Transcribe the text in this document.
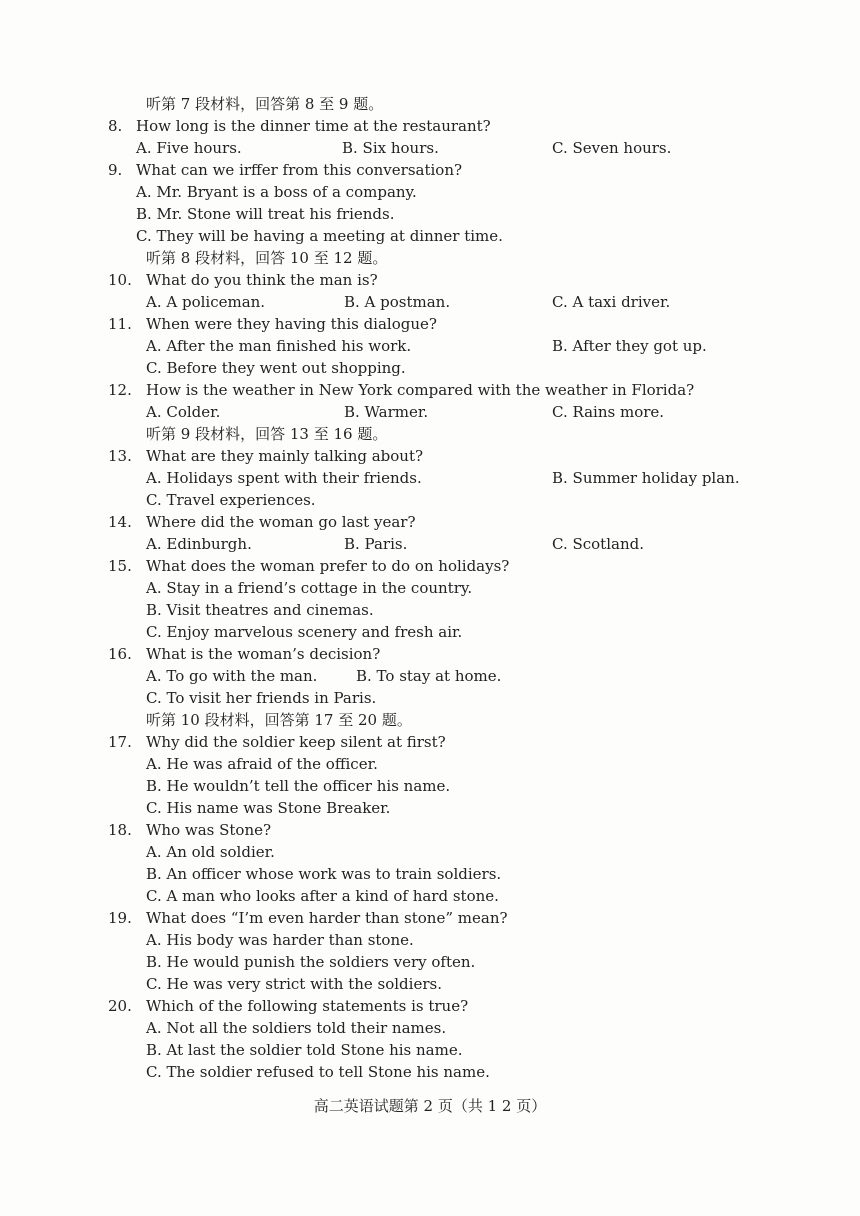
听第 7 段材料，回答第 8 至 9 题。
8. How long is the dinner time at the restaurant?
A. Five hours.	B. Six hours.	C. Seven hours.
9. What can we irffer from this conversation?
A. Mr. Bryant is a boss of a company.
B. Mr. Stone will treat his friends.
C. They will be having a meeting at dinner time.
听第 8 段材料，回答 10 至 12 题。
10. What do you think the man is?
A. A policeman.	B. A postman.	C. A taxi driver.
11. When were they having this dialogue?
A. After the man finished his work.	B. After they got up.
C. Before they went out shopping.
12. How is the weather in New York compared with the weather in Florida?
A. Colder.	B. Warmer.	C. Rains more.
听第 9 段材料，回答 13 至 16 题。
13. What are they mainly talking about?
A. Holidays spent with their friends.	B. Summer holiday plan.
C. Travel experiences.
14. Where did the woman go last year?
A. Edinburgh.	B. Paris.	C. Scotland.
15. What does the woman prefer to do on holidays?
A. Stay in a friend’s cottage in the country.
B. Visit theatres and cinemas.
C. Enjoy marvelous scenery and fresh air.
16. What is the woman’s decision?
A. To go with the man.	B. To stay at home.
C. To visit her friends in Paris.
听第 10 段材料，回答第 17 至 20 题。
17. Why did the soldier keep silent at first?
A. He was afraid of the officer.
B. He wouldn’t tell the officer his name.
C. His name was Stone Breaker.
18. Who was Stone?
A. An old soldier.
B. An officer whose work was to train soldiers.
C. A man who looks after a kind of hard stone.
19. What does “I’m even harder than stone” mean?
A. His body was harder than stone.
B. He would punish the soldiers very often.
C. He was very strict with the soldiers.
20. Which of the following statements is true?
A. Not all the soldiers told their names.
B. At last the soldier told Stone his name.
C. The soldier refused to tell Stone his name.
高二英语试题第 2 页（共 1 2 页）
